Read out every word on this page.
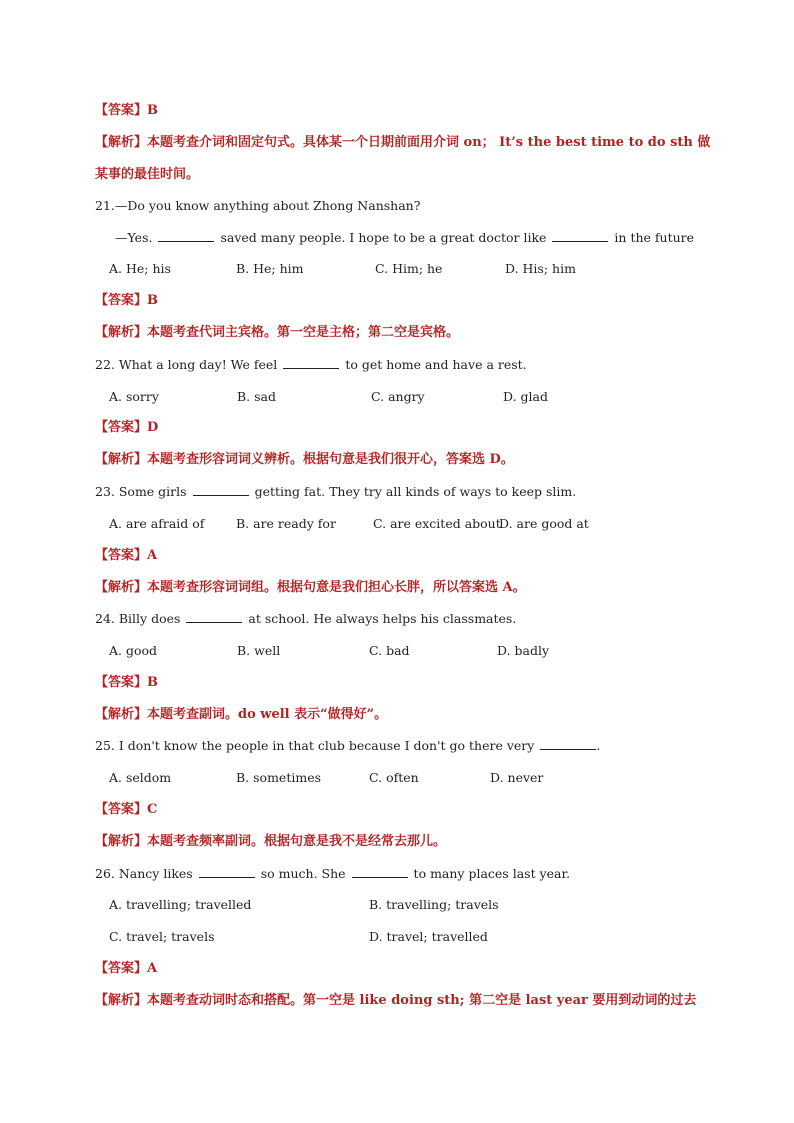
【答案】B
【解析】本题考查介词和固定句式。具体某一个日期前面用介词 on； It’s the best time to do sth 做
某事的最佳时间。
21.—Do you know anything about Zhong Nanshan?
—Yes.	saved many people. I hope to be a great doctor like	in the future
A. He; his	B. He; him	C. Him; he	D. His; him
【答案】B
【解析】本题考查代词主宾格。第一空是主格；第二空是宾格。
22. What a long day! We feel	to get home and have a rest.
A. sorry	B. sad	C. angry	D. glad
【答案】D
【解析】本题考查形容词词义辨析。根据句意是我们很开心，答案选 D。
23. Some girls	getting fat. They try all kinds of ways to keep slim.
A. are afraid of	B. are ready for	C. are excited about
D. are good at
【答案】A
【解析】本题考查形容词词组。根据句意是我们担心长胖，所以答案选 A。
24. Billy does	at school. He always helps his classmates.
A. good	B. well	C. bad	D. badly
【答案】B
【解析】本题考查副词。do well 表示“做得好”。
25. I don't know the people in that club because I don't go there very	.
A. seldom	B. sometimes	C. often	D. never
【答案】C
【解析】本题考查频率副词。根据句意是我不是经常去那儿。
26. Nancy likes	so much. She	to many places last year.
A. travelling; travelled	B. travelling; travels
C. travel; travels	D. travel; travelled
【答案】A
【解析】本题考查动词时态和搭配。第一空是 like doing sth; 第二空是 last year 要用到动词的过去
